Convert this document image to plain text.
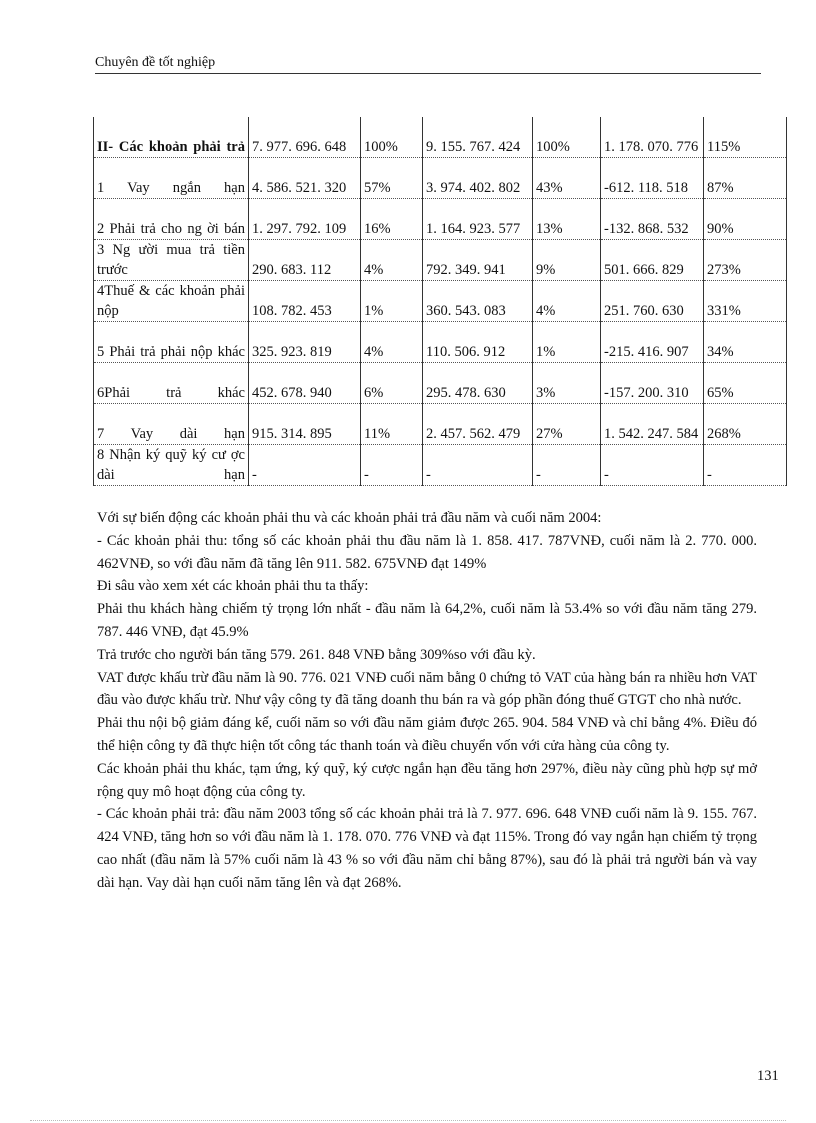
Chuyên đề tốt nghiệp
II- Các khoản phải trả	7. 977. 696. 648	100%	9. 155. 767. 424	100%	1. 178. 070. 776	115%
1 Vay ngắn hạn	4. 586. 521. 320	57%	3. 974. 402. 802	43%	-612. 118. 518	87%
2 Phải trả cho ng ời bán	1. 297. 792. 109	16%	1. 164. 923. 577	13%	-132. 868. 532	90%
3 Ng ười mua trả tiền trước	290. 683. 112	4%	792. 349. 941	9%	501. 666. 829	273%
4Thuế & các khoản phải nộp	108. 782. 453	1%	360. 543. 083	4%	251. 760. 630	331%
5 Phải trả phải nộp khác	325. 923. 819	4%	110. 506. 912	1%	-215. 416. 907	34%
6Phải trả khác	452. 678. 940	6%	295. 478. 630	3%	-157. 200. 310	65%
7 Vay dài hạn	915. 314. 895	11%	2. 457. 562. 479	27%	1. 542. 247. 584	268%
8 Nhận ký quỹ ký cư ợc dài hạn	-	-	-	-	-	-

Với sự biến động các khoản phải thu và các khoản phải trả đầu năm và cuối năm 2004:

- Các khoản phải thu: tổng số các khoản phải thu đầu năm là 1. 858. 417. 787VNĐ, cuối năm là 2. 770. 000. 462VNĐ, so với đầu năm đã tăng lên 911. 582. 675VNĐ đạt 149%

Đi sâu vào xem xét các khoản phải thu ta thấy:

Phải thu khách hàng chiếm tỷ trọng lớn nhất - đầu năm là 64,2%, cuối năm là 53.4% so với đầu năm tăng 279. 787. 446 VNĐ, đạt 45.9%

Trả trước cho người bán tăng 579. 261. 848 VNĐ bằng 309%so với đầu kỳ.

VAT được khấu trừ đầu năm là 90. 776. 021 VNĐ cuối năm bằng 0 chứng tỏ VAT của hàng bán ra nhiều hơn VAT đầu vào được khấu trừ. Như vậy công ty đã tăng doanh thu bán ra và góp phần đóng thuế GTGT cho nhà nước.

Phải thu nội bộ giảm đáng kể, cuối năm so với đầu năm giảm được 265. 904. 584 VNĐ và chỉ bằng 4%. Điều đó thể hiện công ty đã thực hiện tốt công tác thanh toán và điều chuyển vốn với cửa hàng của công ty.

Các khoản phải thu khác, tạm ứng, ký quỹ, ký cược ngắn hạn đều tăng hơn 297%, điều này cũng phù hợp sự mở rộng quy mô hoạt động của công ty.

- Các khoản phải trả: đầu năm 2003 tổng số các khoản phải trả là 7. 977. 696. 648 VNĐ cuối năm là 9. 155. 767. 424 VNĐ, tăng hơn so với đầu năm là 1. 178. 070. 776 VNĐ và đạt 115%. Trong đó vay ngắn hạn chiếm tỷ trọng cao nhất (đầu năm là 57% cuối năm là 43 % so với đầu năm chỉ bằng 87%), sau đó là phải trả người bán và vay dài hạn. Vay dài hạn cuối năm tăng lên và đạt 268%.

131
